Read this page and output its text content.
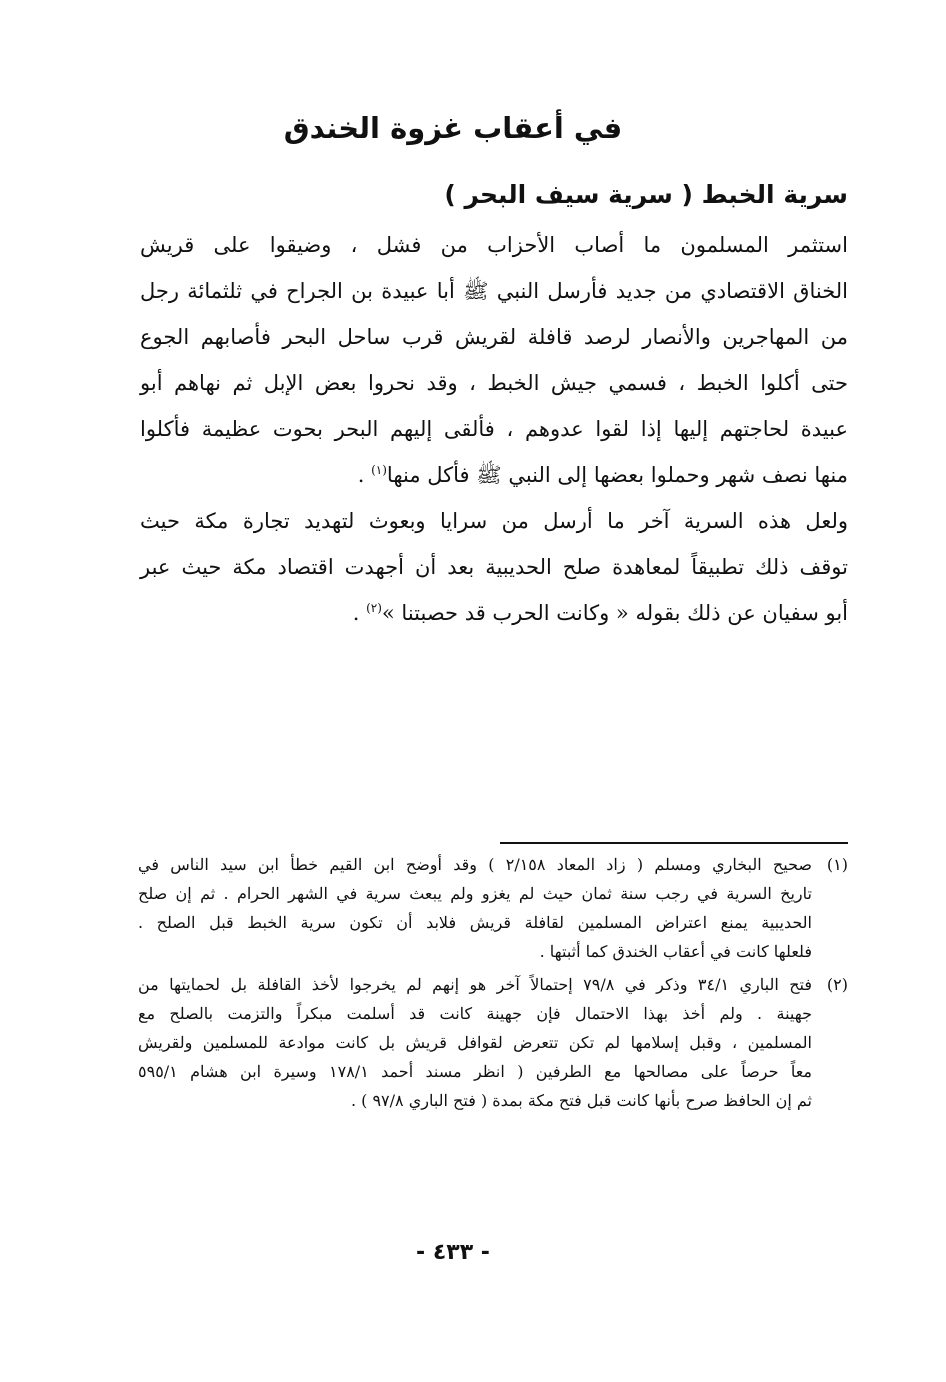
في أعقاب غزوة الخندق
سرية الخبط ( سرية سيف البحر )

استثمر المسلمون ما أصاب الأحزاب من فشل ، وضيقوا على قريش
الخناق الاقتصادي من جديد فأرسل النبي ﷺ أبا عبيدة بن الجراح في ثلثمائة رجل
من المهاجرين والأنصار لرصد قافلة لقريش قرب ساحل البحر فأصابهم الجوع
حتى أكلوا الخبط ، فسمي جيش الخبط ، وقد نحروا بعض الإبل ثم نهاهم أبو
عبيدة لحاجتهم إليها إذا لقوا عدوهم ، فألقى إليهم البحر بحوت عظيمة فأكلوا
منها نصف شهر وحملوا بعضها إلى النبي ﷺ فأكل منها$^{(١)}$ .

ولعل هذه السرية آخر ما أرسل من سرايا وبعوث لتهديد تجارة مكة حيث
توقف ذلك تطبيقاً لمعاهدة صلح الحديبية بعد أن أجهدت اقتصاد مكة حيث عبر
أبو سفيان عن ذلك بقوله « وكانت الحرب قد حصبتنا »$^{(٢)}$ .

(١)
صحيح البخاري ومسلم ( زاد المعاد ٢/١٥٨ ) وقد أوضح ابن القيم خطأ ابن سيد الناس في
تاريخ السرية في رجب سنة ثمان حيث لم يغزو ولم يبعث سرية في الشهر الحرام . ثم إن صلح
الحديبية يمنع اعتراض المسلمين لقافلة قريش فلابد أن تكون سرية الخبط قبل الصلح .
فلعلها كانت في أعقاب الخندق كما أثبتها .
(٢)
فتح الباري ٣٤/١ وذكر في ٧٩/٨ إحتمالاً آخر هو إنهم لم يخرجوا لأخذ القافلة بل لحمايتها من
جهينة . ولم أخذ بهذا الاحتمال فإن جهينة كانت قد أسلمت مبكراً والتزمت بالصلح مع
المسلمين ، وقبل إسلامها لم تكن تتعرض لقوافل قريش بل كانت موادعة للمسلمين ولقريش
معاً حرصاً على مصالحها مع الطرفين ( انظر مسند أحمد ١٧٨/١ وسيرة ابن هشام ٥٩٥/١
ثم إن الحافظ صرح بأنها كانت قبل فتح مكة بمدة ( فتح الباري ٩٧/٨ ) .
- ٤٣٣ -
